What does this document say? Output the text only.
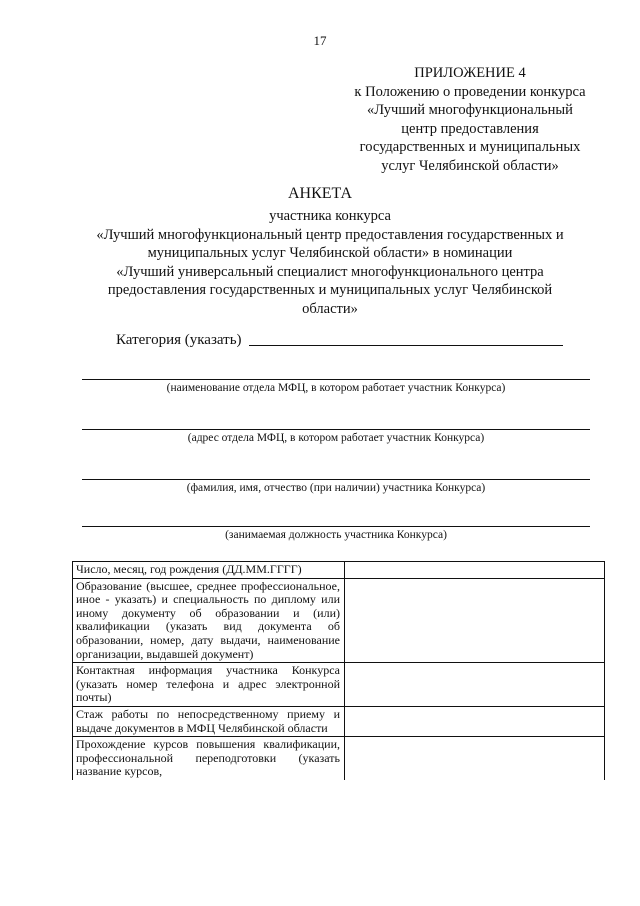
17
ПРИЛОЖЕНИЕ 4
к Положению о проведении конкурса
«Лучший многофункциональный
центр предоставления
государственных и муниципальных
услуг Челябинской области»
АНКЕТА
участника конкурса
«Лучший многофункциональный центр предоставления государственных и
муниципальных услуг Челябинской области» в номинации
«Лучший универсальный специалист многофункционального центра
предоставления государственных и муниципальных услуг Челябинской
области»
Категория (указать)
(наименование отдела МФЦ, в котором работает участник Конкурса)
(адрес отдела МФЦ, в котором работает участник Конкурса)
(фамилия, имя, отчество (при наличии) участника Конкурса)
(занимаемая должность участника Конкурса)
Число, месяц, год рождения (ДД.ММ.ГГГГ)	
Образование (высшее, среднее профессиональное, иное - указать) и специальность по диплому или иному документу об образовании и (или) квалификации (указать вид документа об образовании, номер, дату выдачи, наименование организации, выдавшей документ)	
Контактная информация участника Конкурса (указать номер телефона и адрес электронной почты)	
Стаж работы по непосредственному приему и выдаче документов в МФЦ Челябинской области	
Прохождение курсов повышения квалификации, профессиональной переподготовки (указать название курсов,	
